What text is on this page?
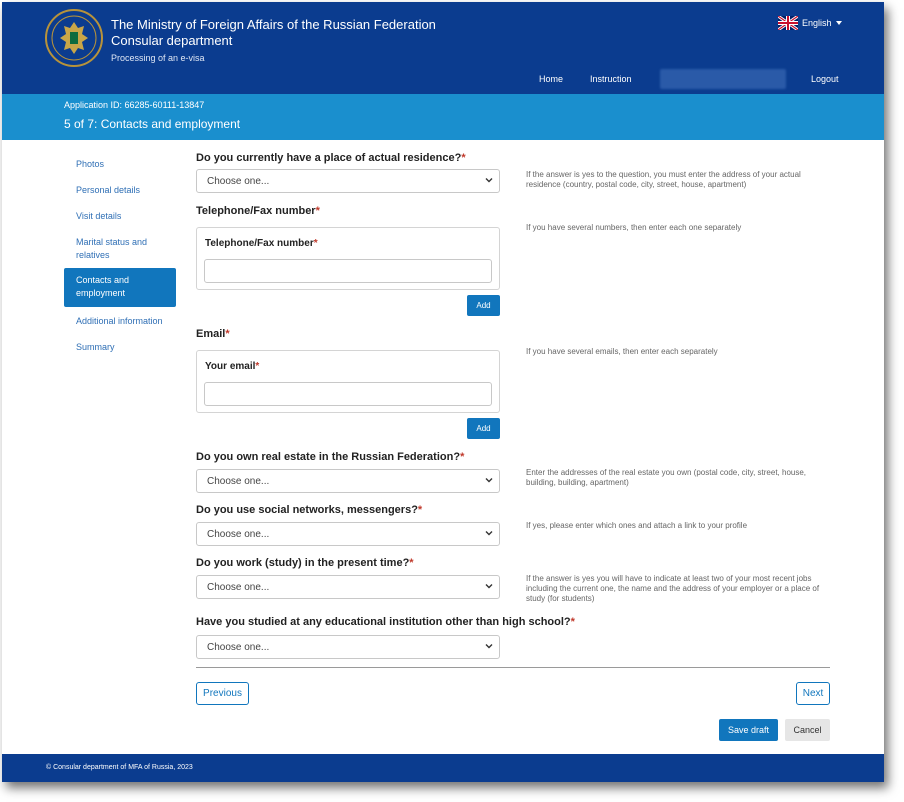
The Ministry of Foreign Affairs of the Russian Federation
Consular department
Processing of an e-visa
English
Home	Instruction	Logout
Application ID: 66285-60111-13847
5 of 7: Contacts and employment
Photos
Personal details
Visit details
Marital status and relatives
Contacts and employment
Additional information
Summary
Do you currently have a place of actual residence?*
Choose one...
If the answer is yes to the question, you must enter the address of your actual residence (country, postal code, city, street, house, apartment)
Telephone/Fax number*
If you have several numbers, then enter each one separately
Telephone/Fax number*
Add
Email*
If you have several emails, then enter each separately
Your email*
Add
Do you own real estate in the Russian Federation?*
Choose one...
Enter the addresses of the real estate you own (postal code, city, street, house, building, building, apartment)
Do you use social networks, messengers?*
Choose one...
If yes, please enter which ones and attach a link to your profile
Do you work (study) in the present time?*
Choose one...
If the answer is yes you will have to indicate at least two of your most recent jobs including the current one, the name and the address of your employer or a place of study (for students)
Have you studied at any educational institution other than high school?*
Choose one...
Previous	Next
Save draft	Cancel
© Consular department of MFA of Russia, 2023
